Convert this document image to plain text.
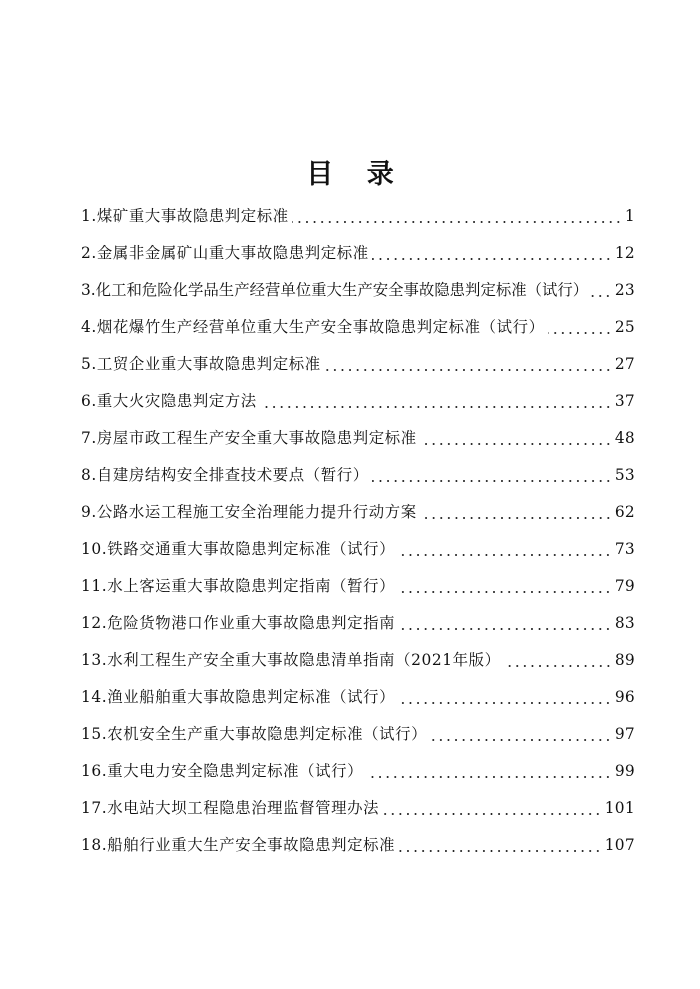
目 录
1.煤矿重大事故隐患判定标准	1
2.金属非金属矿山重大事故隐患判定标准	12
3.化工和危险化学品生产经营单位重大生产安全事故隐患判定标准（试行） 23
4.烟花爆竹生产经营单位重大生产安全事故隐患判定标准（试行）	25
5.工贸企业重大事故隐患判定标准	27
6.重大火灾隐患判定方法	37
7.房屋市政工程生产安全重大事故隐患判定标准	48
8.自建房结构安全排查技术要点（暂行）	53
9.公路水运工程施工安全治理能力提升行动方案	62
10.铁路交通重大事故隐患判定标准（试行）	73
11.水上客运重大事故隐患判定指南（暂行）	79
12.危险货物港口作业重大事故隐患判定指南	83
13.水利工程生产安全重大事故隐患清单指南（2021年版）	89
14.渔业船舶重大事故隐患判定标准（试行）	96
15.农机安全生产重大事故隐患判定标准（试行）	97
16.重大电力安全隐患判定标准（试行）	99
17.水电站大坝工程隐患治理监督管理办法	101
18.船舶行业重大生产安全事故隐患判定标准	107
